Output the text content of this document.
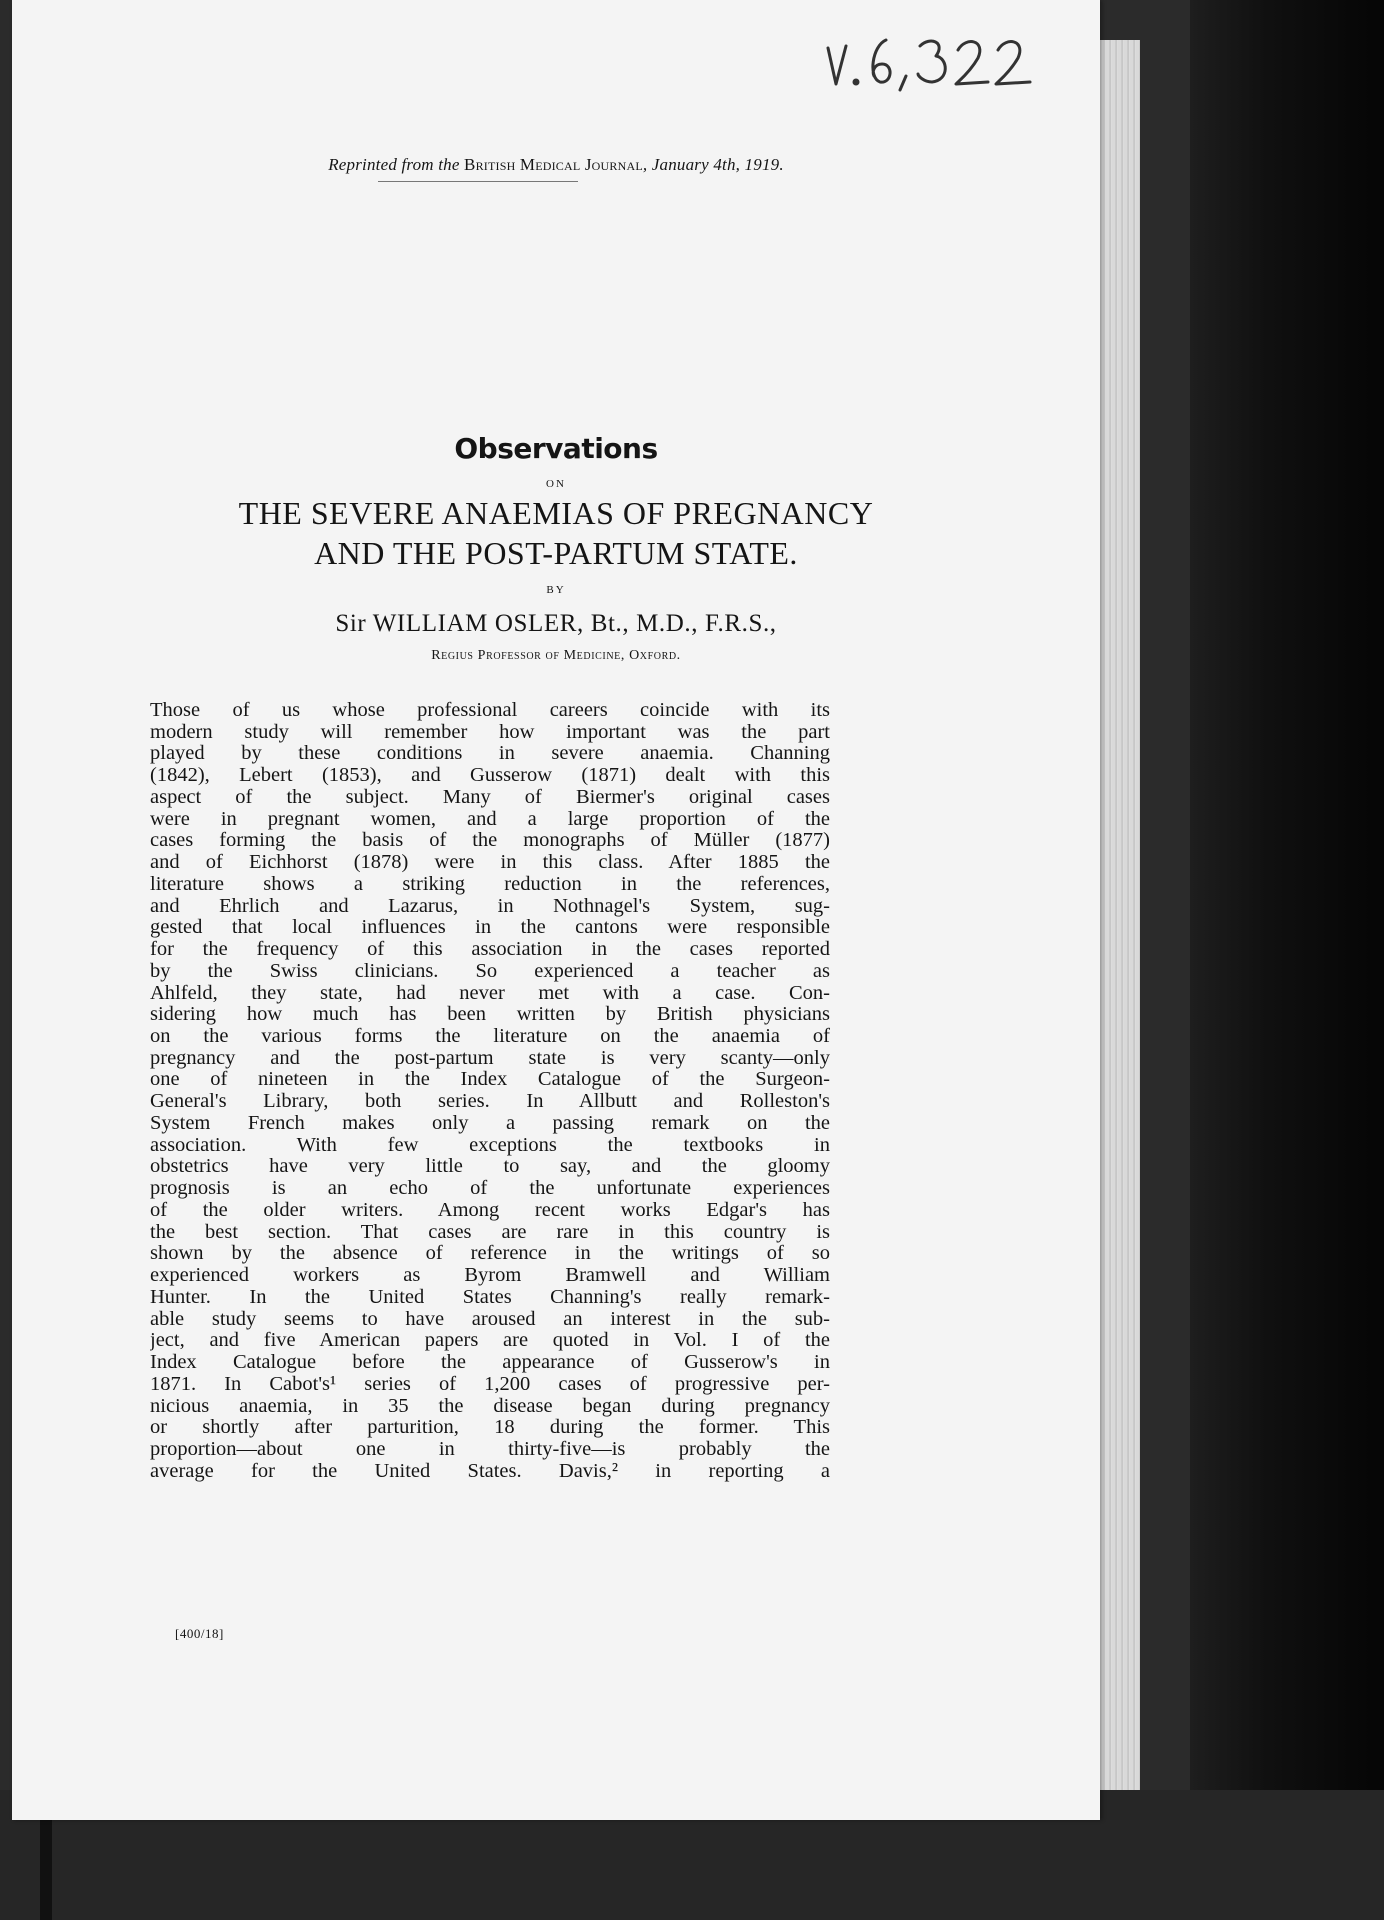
Reprinted from the British Medical Journal, January 4th, 1919.
Observations
ON
THE SEVERE ANAEMIAS OF PREGNANCY
AND THE POST-PARTUM STATE.
BY
Sir WILLIAM OSLER, Bt., M.D., F.R.S.,
Regius Professor of Medicine, Oxford.
Those of us whose professional careers coincide with its
modern study will remember how important was the part
played by these conditions in severe anaemia. Channing
(1842), Lebert (1853), and Gusserow (1871) dealt with this
aspect of the subject. Many of Biermer's original cases
were in pregnant women, and a large proportion of the
cases forming the basis of the monographs of Müller (1877)
and of Eichhorst (1878) were in this class. After 1885 the
literature shows a striking reduction in the references,
and Ehrlich and Lazarus, in Nothnagel's System, sug-
gested that local influences in the cantons were responsible
for the frequency of this association in the cases reported
by the Swiss clinicians. So experienced a teacher as
Ahlfeld, they state, had never met with a case. Con-
sidering how much has been written by British physicians
on the various forms the literature on the anaemia of
pregnancy and the post-partum state is very scanty—only
one of nineteen in the Index Catalogue of the Surgeon-
General's Library, both series. In Allbutt and Rolleston's
System French makes only a passing remark on the
association. With few exceptions the textbooks in
obstetrics have very little to say, and the gloomy
prognosis is an echo of the unfortunate experiences
of the older writers. Among recent works Edgar's has
the best section. That cases are rare in this country is
shown by the absence of reference in the writings of so
experienced workers as Byrom Bramwell and William
Hunter. In the United States Channing's really remark-
able study seems to have aroused an interest in the sub-
ject, and five American papers are quoted in Vol. I of the
Index Catalogue before the appearance of Gusserow's in
1871. In Cabot's¹ series of 1,200 cases of progressive per-
nicious anaemia, in 35 the disease began during pregnancy
or shortly after parturition, 18 during the former. This
proportion—about one in thirty-five—is probably the
average for the United States. Davis,² in reporting a
[400/18]
